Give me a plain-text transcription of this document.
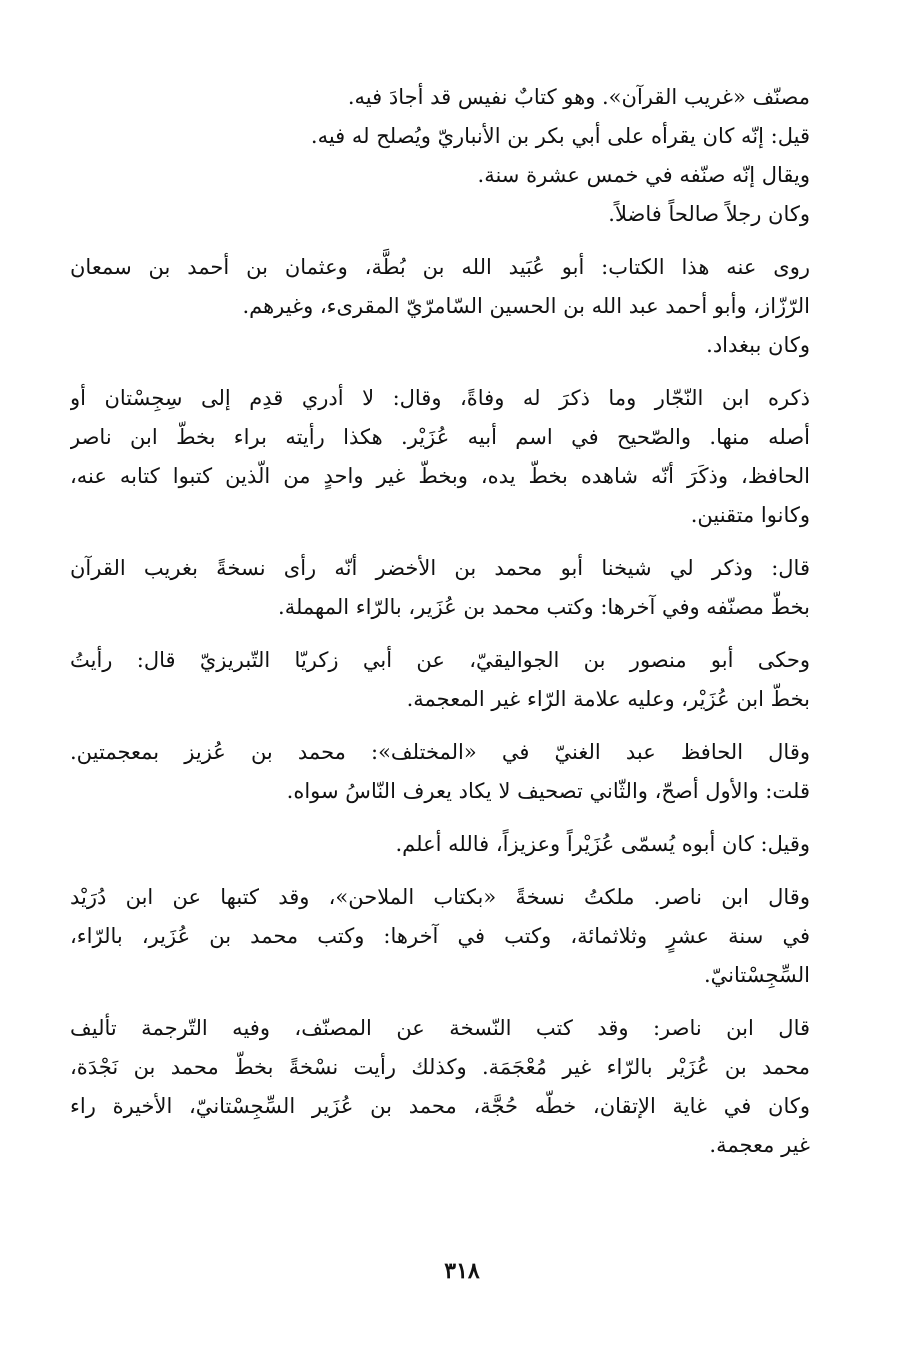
مصنّف «غريب القرآن». وهو كتابٌ نفيس قد أجادَ فيه.
قيل: إنّه كان يقرأه على أبي بكر بن الأنباريّ ويُصلح له فيه.
ويقال إنّه صنّفه في خمس عشرة سنة.
وكان رجلاً صالحاً فاضلاً.
روى عنه هذا الكتاب: أبو عُبَيد الله بن بُطَّة، وعثمان بن أحمد بن سمعان
الرّزّاز، وأبو أحمد عبد الله بن الحسين السّامرّيّ المقرىء، وغيرهم.
وكان ببغداد.
ذكره ابن النّجّار وما ذكرَ له وفاةً، وقال: لا أدري قدِم إلى سِجِسْتان أو
أصله منها. والصّحيح في اسم أبيه عُزَيْر. هكذا رأيته براء بخطّ ابن ناصر
الحافظ، وذكَرَ أنّه شاهده بخطّ يده، وبخطّ غير واحدٍ من الّذين كتبوا كتابه عنه،
وكانوا متقنين.
قال: وذكر لي شيخنا أبو محمد بن الأخضر أنّه رأى نسخةً بغريب القرآن
بخطّ مصنّفه وفي آخرها: وكتب محمد بن عُزَير، بالرّاء المهملة.
وحكى أبو منصور بن الجواليقيّ، عن أبي زكريّا التّبريزيّ قال: رأيتُ
بخطّ ابن عُزَيْر، وعليه علامة الرّاء غير المعجمة.
وقال الحافظ عبد الغنيّ في «المختلف»: محمد بن عُزيز بمعجمتين.
قلت: والأول أصحّ، والثّاني تصحيف لا يكاد يعرف النّاسُ سواه.
وقيل: كان أبوه يُسمّى عُزَيْراً وعزيزاً، فالله أعلم.
وقال ابن ناصر. ملكتُ نسخةً «بكتاب الملاحن»، وقد كتبها عن ابن دُرَيْد
في سنة عشرٍ وثلاثمائة، وكتب في آخرها: وكتب محمد بن عُزَير، بالرّاء،
السِّجِسْتانيّ.
قال ابن ناصر: وقد كتب النّسخة عن المصنّف، وفيه التّرجمة تأليف
محمد بن عُزَيْر بالرّاء غير مُعْجَمَة. وكذلك رأيت نسْخةً بخطّ محمد بن نَجْدَة،
وكان في غاية الإتقان، خطّه حُجَّة، محمد بن عُزَير السِّجِسْتانيّ، الأخيرة راء
غير معجمة.
٣١٨
